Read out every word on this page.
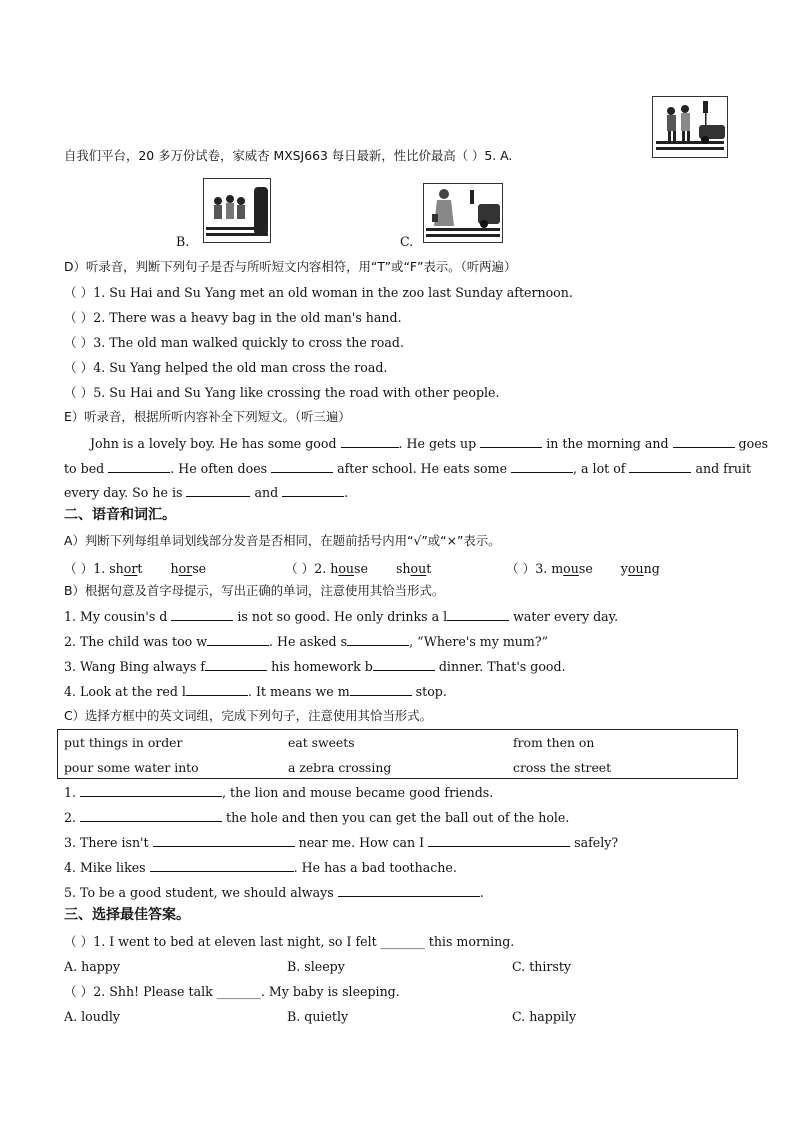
自我们平台，20 多万份试卷，家威杏 MXSJ663 每日最新，性比价最高（ ）5. A.
B.	C.
D）听录音，判断下列句子是否与所听短文内容相符，用“T”或“F”表示。（听两遍）
（ ）1. Su Hai and Su Yang met an old woman in the zoo last Sunday afternoon.
（ ）2. There was a heavy bag in the old man's hand.
（ ）3. The old man walked quickly to cross the road.
（ ）4. Su Yang helped the old man cross the road.
（ ）5. Su Hai and Su Yang like crossing the road with other people.
E）听录音，根据所听内容补全下列短文。（听三遍）
John is a lovely boy. He has some good	. He gets up	in the morning and	goes
to bed	. He often does	after school. He eats some	, a lot of	and fruit
every day. So he is	and	.
二、语音和词汇。
A）判断下列每组单词划线部分发音是否相同，在题前括号内用“√”或“×”表示。
（ ）1. short horse	（ ）2. house shout	（ ）3. mouse young
B）根据句意及首字母提示，写出正确的单词，注意使用其恰当形式。
1. My cousin's d	is not so good. He only drinks a l	water every day.
2. The child was too w	. He asked s	, “Where's my mum?”
3. Wang Bing always f	his homework b	dinner. That's good.
4. Look at the red l	. It means we m	stop.
C）选择方框中的英文词组，完成下列句子，注意使用其恰当形式。
put things in order	eat sweets	from then on
pour some water into	a zebra crossing	cross the street
1.	, the lion and mouse became good friends.
2.	the hole and then you can get the ball out of the hole.
3. There isn't	near me. How can I	safely?
4. Mike likes	. He has a bad toothache.
5. To be a good student, we should always	.
三、选择最佳答案。
（ ）1. I went to bed at eleven last night, so I felt _______ this morning.
A. happy	B. sleepy	C. thirsty
（ ）2. Shh! Please talk _______. My baby is sleeping.
A. loudly	B. quietly	C. happily
